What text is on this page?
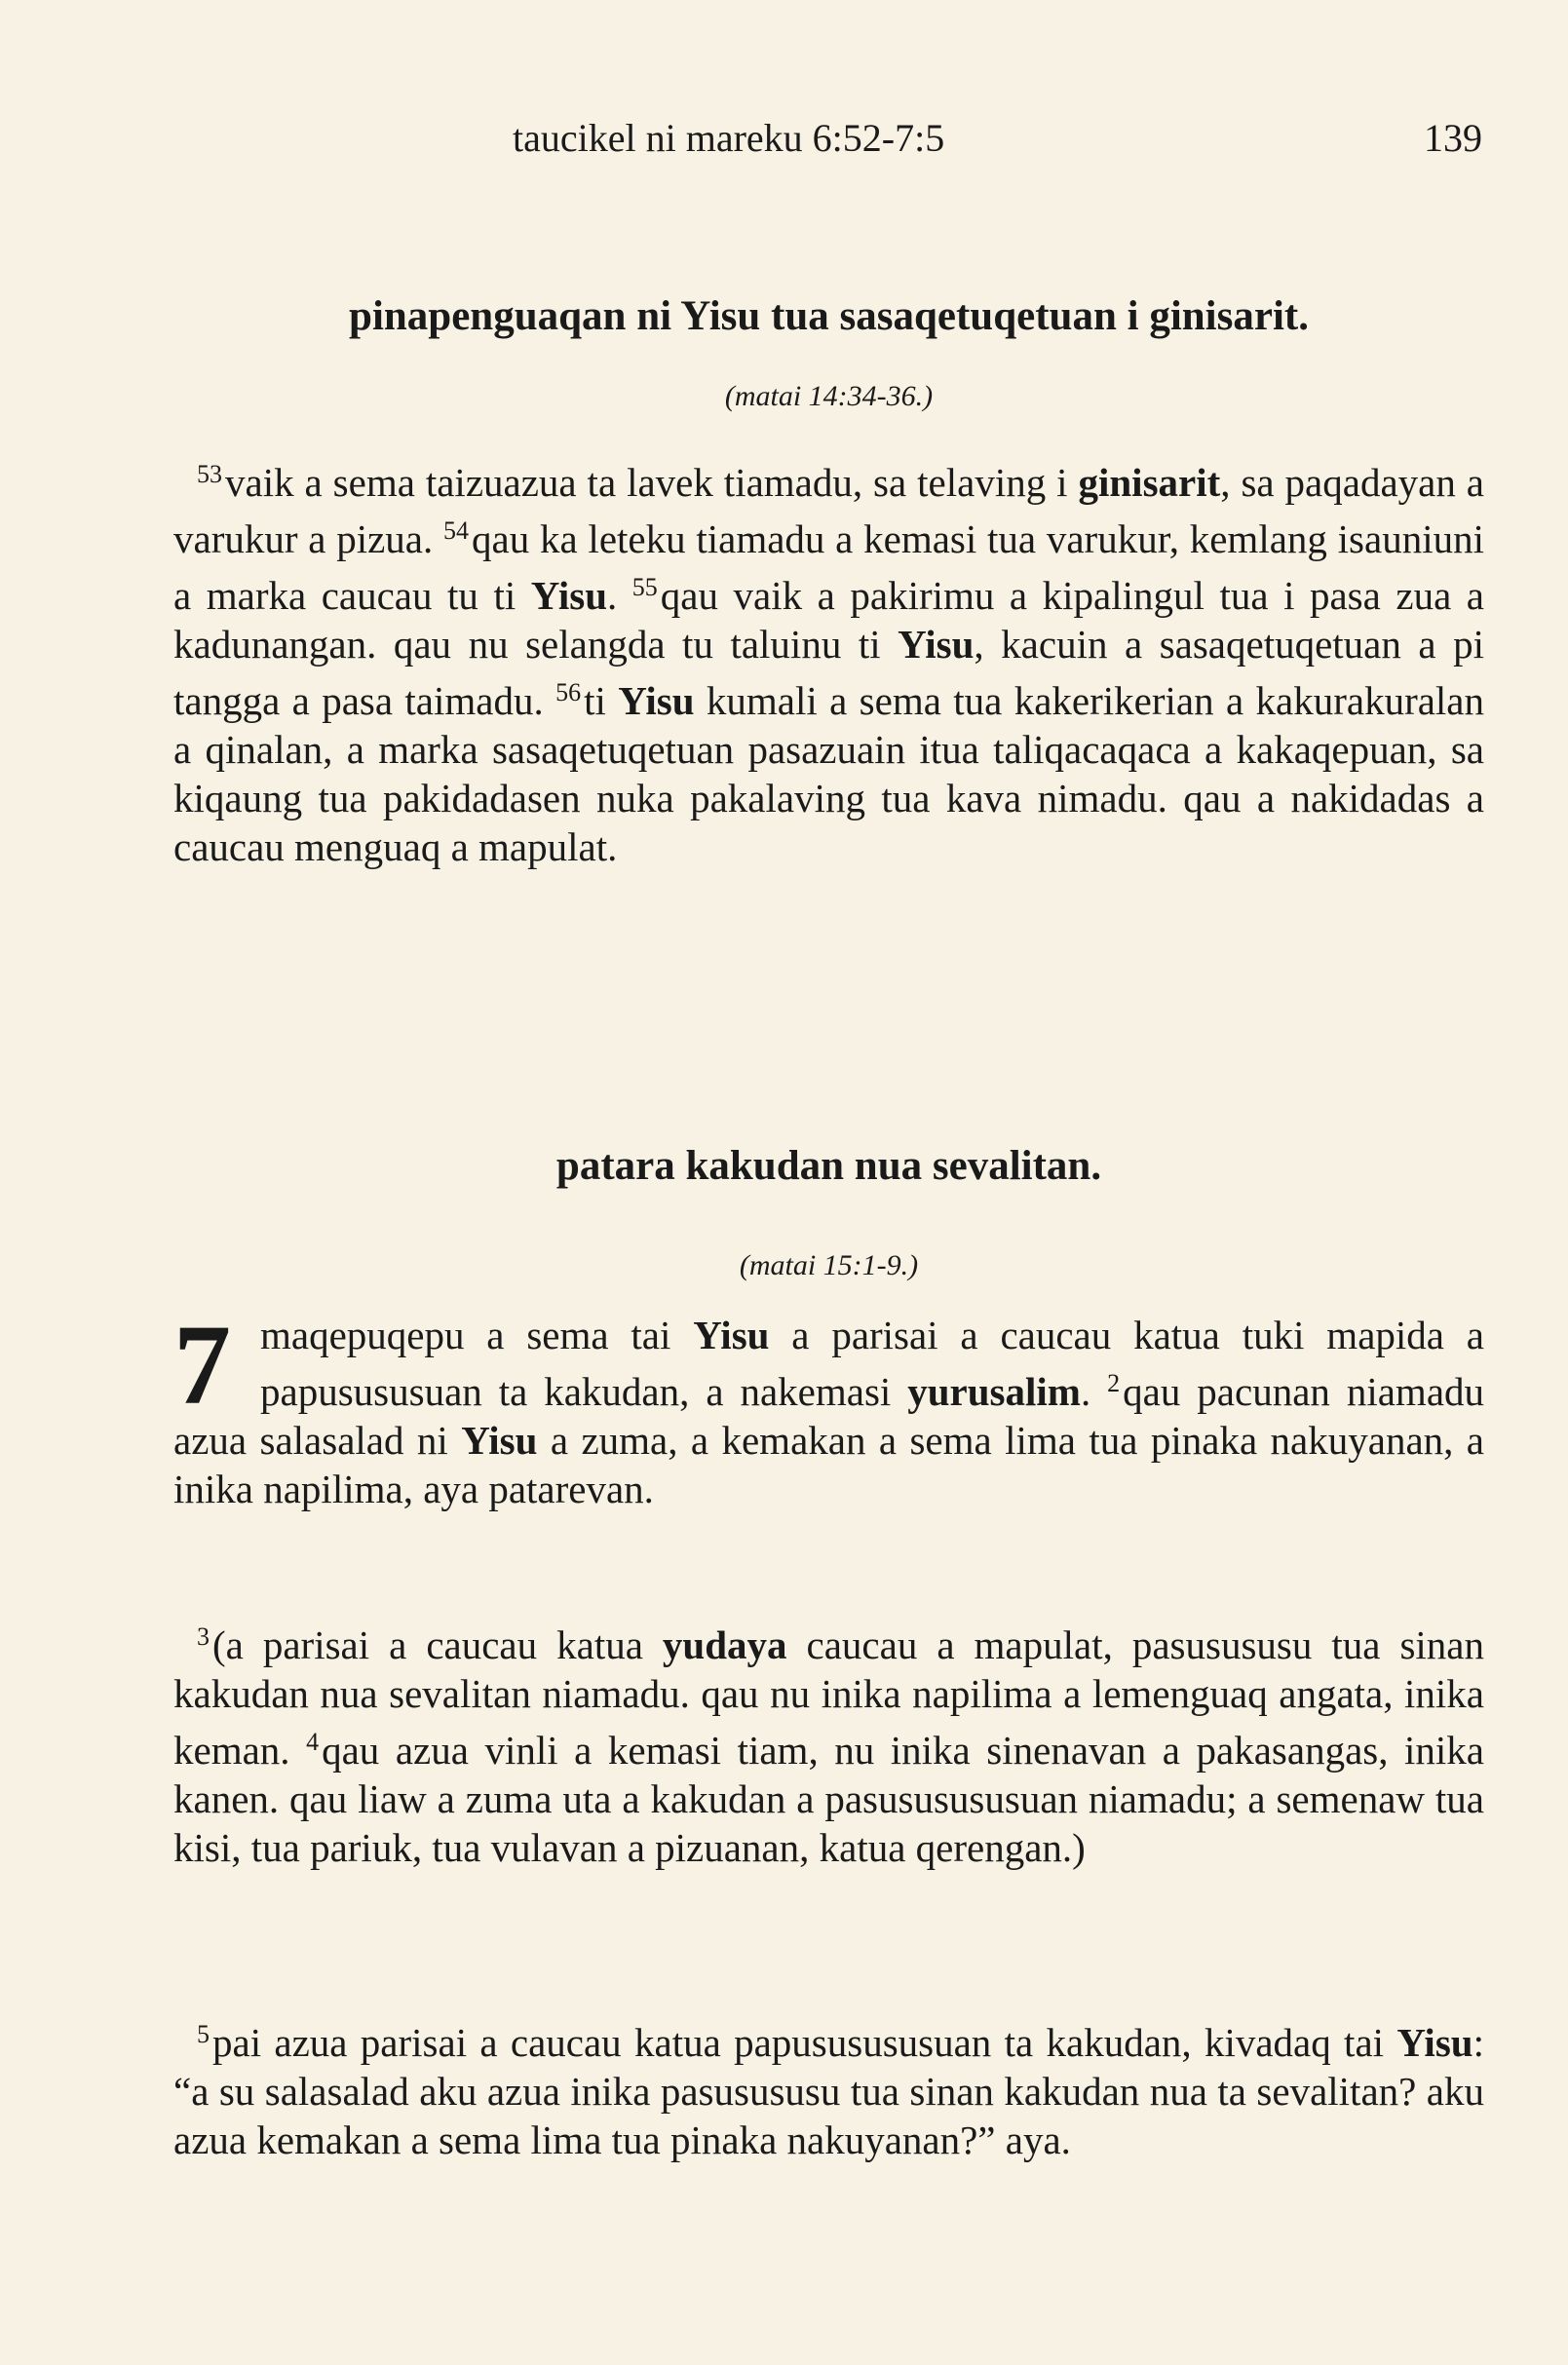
taucikel ni mareku 6:52-7:5	139
pinapenguaqan ni Yisu tua sasaqetuqetuan i ginisarit.
(matai 14:34-36.)

$^{53}$vaik a sema taizuazua ta lavek tiamadu, sa telaving i ginisarit, sa paqadayan a varukur a pizua. $^{54}$qau ka leteku tiamadu a kemasi tua varukur, kemlang isauniuni a marka caucau tu ti Yisu. $^{55}$qau vaik a pakirimu a kipalingul tua i pasa zua a kadunangan. qau nu selangda tu taluinu ti Yisu, kacuin a sasaqetuqetuan a pi tangga a pasa taimadu. $^{56}$ti Yisu kumali a sema tua kakerikerian a kakurakuralan a qinalan, a marka sasaqetuqetuan pasazuain itua taliqacaqaca a kakaqepuan, sa kiqaung tua pakidadasen nuka pakalaving tua kava nimadu. qau a nakidadas a caucau menguaq a mapulat.

patara kakudan nua sevalitan.
(matai 15:1-9.)

7 maqepuqepu a sema tai Yisu a parisai a caucau katua tuki mapida a papusususuan ta kakudan, a nakemasi yurusalim. $^2$qau pacunan niamadu azua salasalad ni Yisu a zuma, a kemakan a sema lima tua pinaka nakuyanan, a inika napilima, aya patarevan.

$^3$(a parisai a caucau katua yudaya caucau a mapulat, pasusususu tua sinan kakudan nua sevalitan niamadu. qau nu inika napilima a lemenguaq angata, inika keman. $^4$qau azua vinli a kemasi tiam, nu inika sinenavan a pakasangas, inika kanen. qau liaw a zuma uta a kakudan a pasususususuan niamadu; a semenaw tua kisi, tua pariuk, tua vulavan a pizuanan, katua qerengan.)

$^5$pai azua parisai a caucau katua papususususuan ta kakudan, kivadaq tai Yisu: “a su salasalad aku azua inika pasusususu tua sinan kakudan nua ta sevalitan? aku azua kemakan a sema lima tua pinaka nakuyanan?” aya.
